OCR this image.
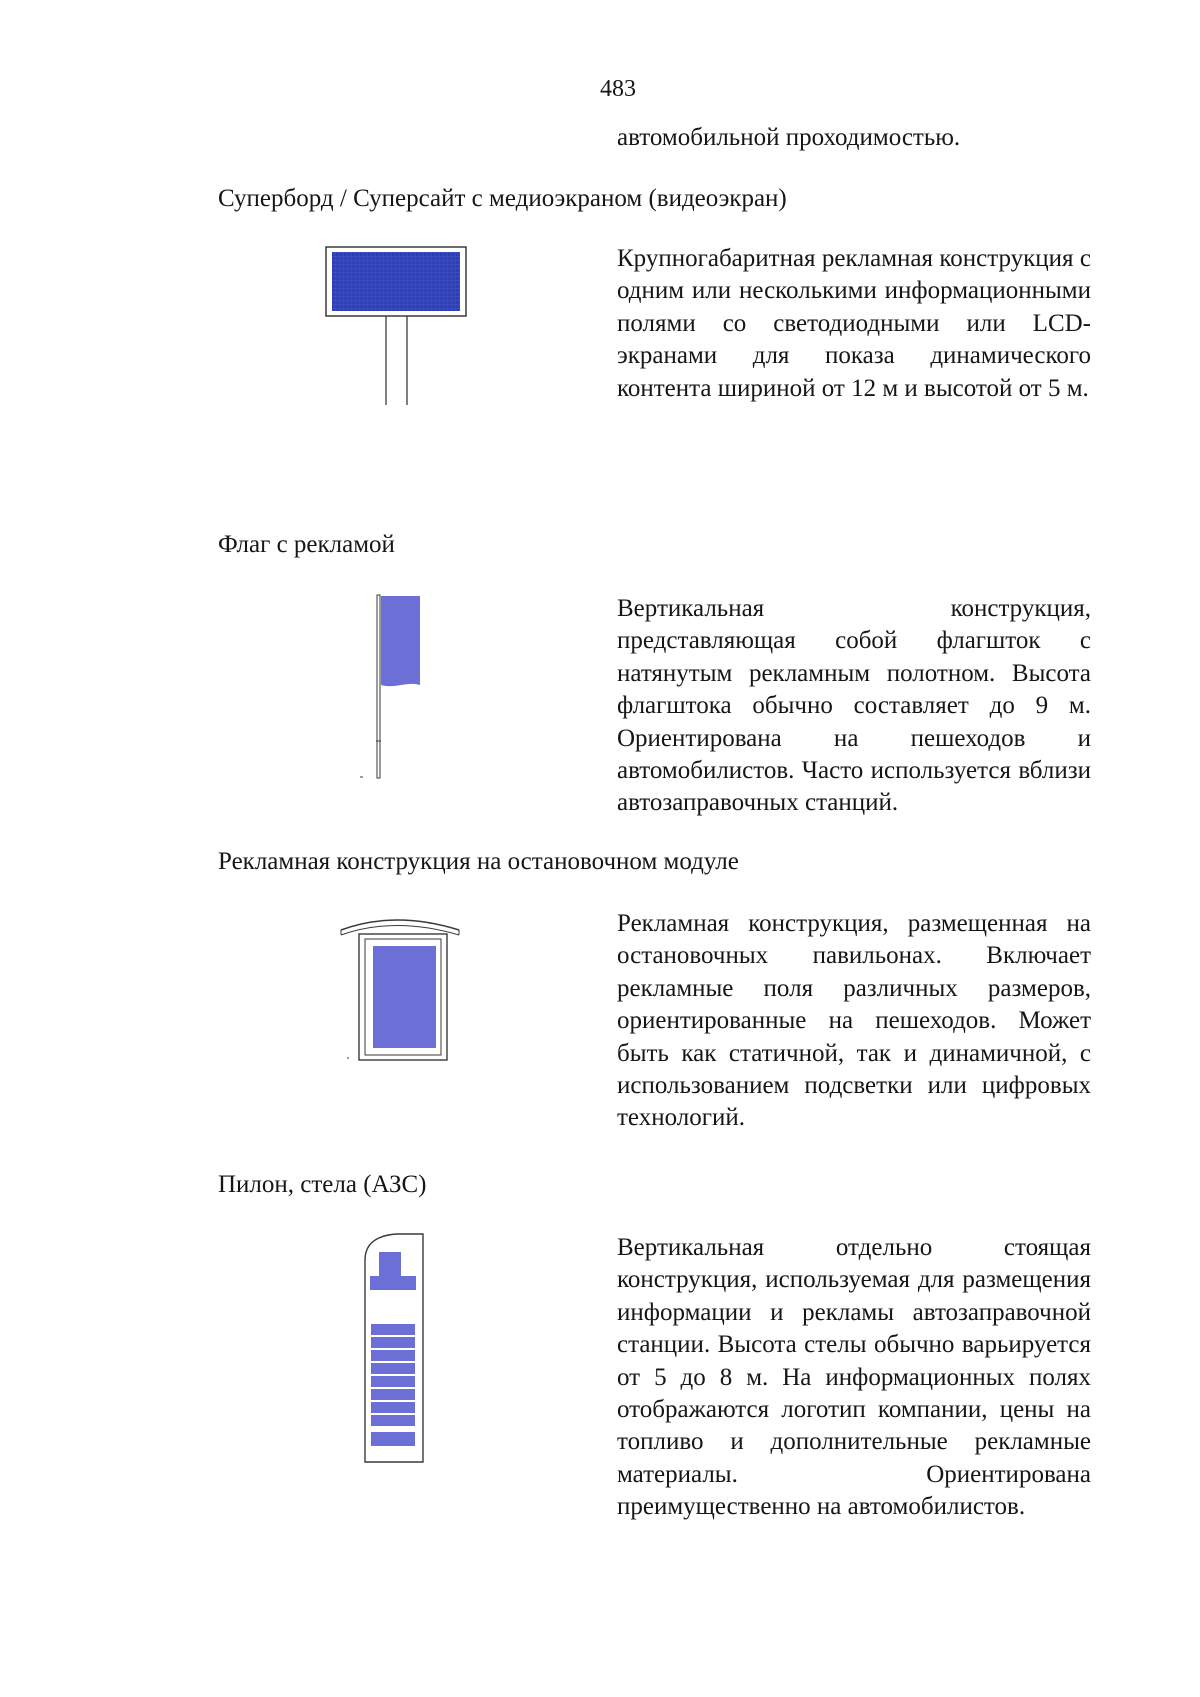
483
автомобильной проходимостью.
Суперборд / Суперсайт с медиоэкраном (видеоэкран)

Крупногабаритная рекламная конструкция с одним или несколькими информационными полями со светодиодными или LCD-экранами для показа динамического контента шириной от 12 м и высотой от 5 м.

Флаг с рекламой

Вертикальная конструкция, представляющая собой флагшток с натянутым рекламным полотном. Высота флагштока обычно составляет до 9 м. Ориентирована на пешеходов и автомобилистов. Часто используется вблизи автозаправочных станций.

Рекламная конструкция на остановочном модуле

Рекламная конструкция, размещенная на остановочных павильонах. Включает рекламные поля различных размеров, ориентированные на пешеходов. Может быть как статичной, так и динамичной, с использованием подсветки или цифровых технологий.

Пилон, стела (АЗС)

Вертикальная отдельно стоящая конструкция, используемая для размещения информации и рекламы автозаправочной станции. Высота стелы обычно варьируется от 5 до 8 м. На информационных полях отображаются логотип компании, цены на топливо и дополнительные рекламные материалы. Ориентирована преимущественно на автомобилистов.
